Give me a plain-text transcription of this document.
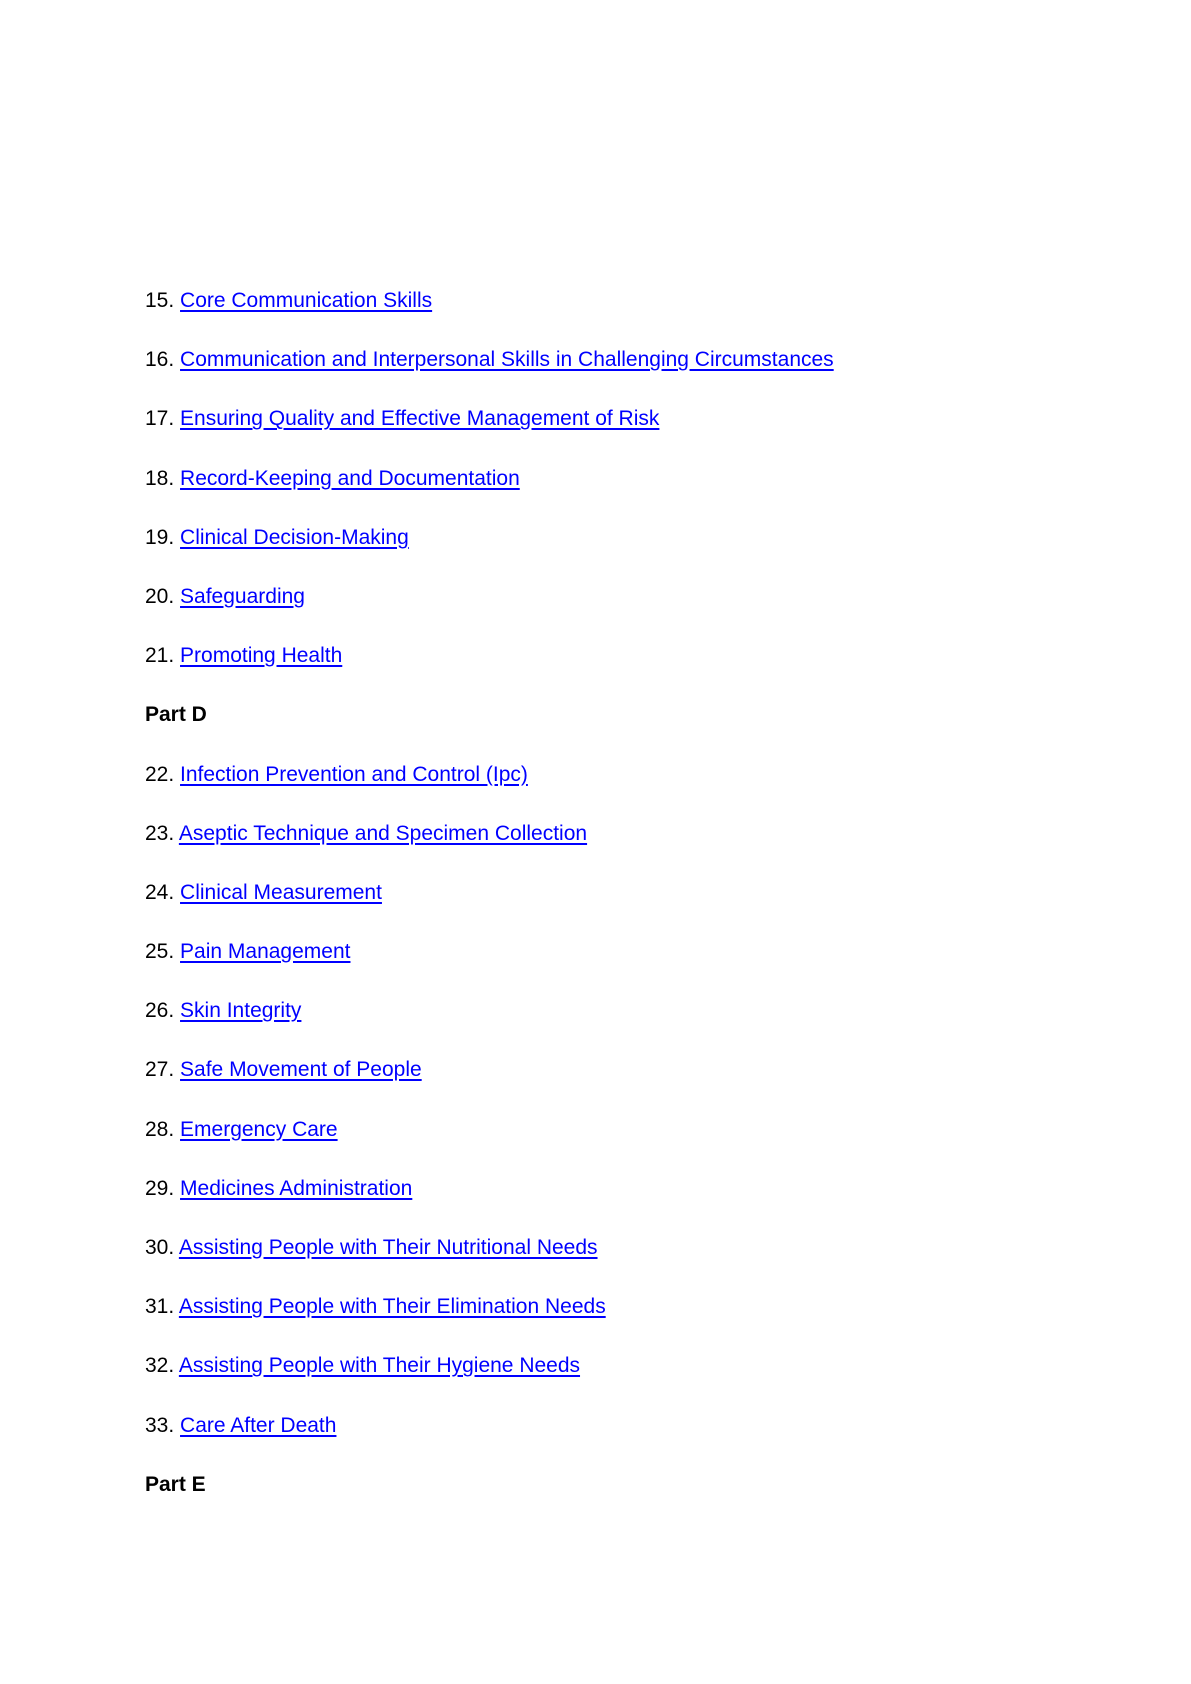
15. Core Communication Skills
16. Communication and Interpersonal Skills in Challenging Circumstances
17. Ensuring Quality and Effective Management of Risk
18. Record-Keeping and Documentation
19. Clinical Decision-Making
20. Safeguarding
21. Promoting Health
Part D
22. Infection Prevention and Control (Ipc)
23. Aseptic Technique and Specimen Collection
24. Clinical Measurement
25. Pain Management
26. Skin Integrity
27. Safe Movement of People
28. Emergency Care
29. Medicines Administration
30. Assisting People with Their Nutritional Needs
31. Assisting People with Their Elimination Needs
32. Assisting People with Their Hygiene Needs
33. Care After Death
Part E
